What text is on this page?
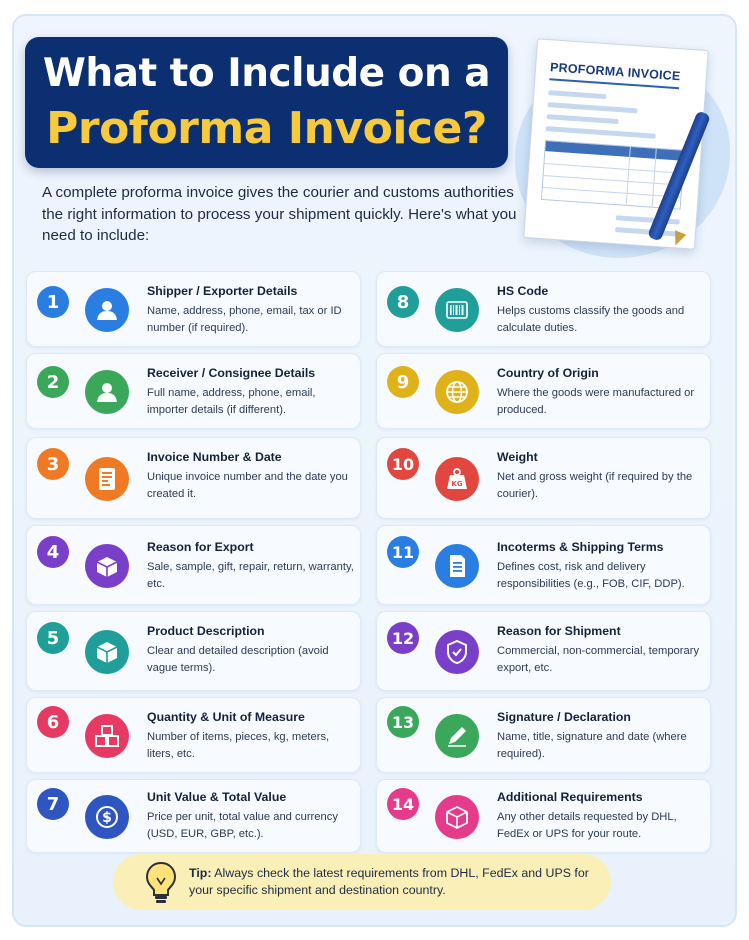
What to Include on a
Proforma Invoice?
PROFORMA INVOICE
A complete proforma invoice gives the courier and customs authorities the right information to process your shipment quickly. Here's what you need to include:
1
Shipper / Exporter Details
Name, address, phone, email, tax or ID number (if required).
2	Receiver / Consignee Details
Full name, address, phone, email, importer details (if different).
3	Invoice Number & Date
Unique invoice number and the date you created it.
4	Reason for Export
Sale, sample, gift, repair, return, warranty, etc.
5	Product Description
Clear and detailed description (avoid vague terms).
6	Quantity & Unit of Measure
Number of items, pieces, kg, meters, liters, etc.
7
$
Unit Value & Total Value
Price per unit, total value and currency (USD, EUR, GBP, etc.).
8
HS Code
Helps customs classify the goods and calculate duties.
9	Country of Origin
Where the goods were manufactured or produced.
10
KG
Weight
Net and gross weight (if required by the courier).
11	Incoterms & Shipping Terms
Defines cost, risk and delivery responsibilities (e.g., FOB, CIF, DDP).
12	Reason for Shipment
Commercial, non-commercial, temporary export, etc.
13	Signature / Declaration
Name, title, signature and date (where required).
14	Additional Requirements
Any other details requested by DHL, FedEx or UPS for your route.
Tip: Always check the latest requirements from DHL, FedEx and UPS for your specific shipment and destination country.
